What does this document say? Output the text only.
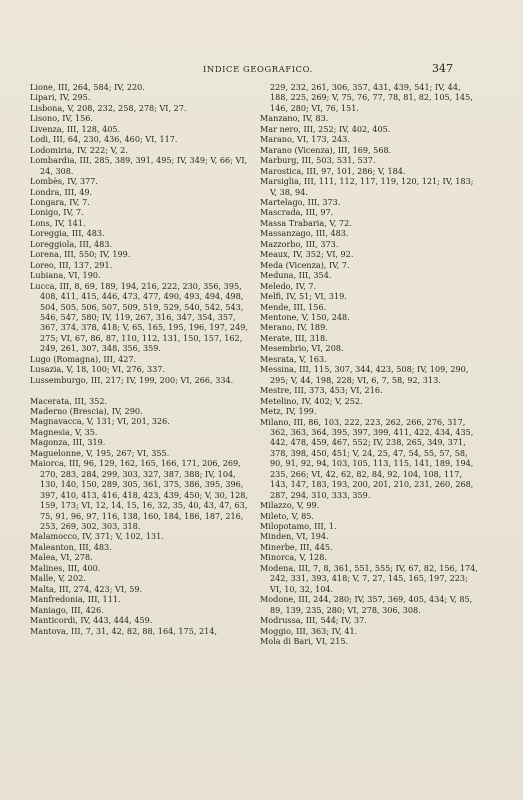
INDICE GEOGRAFICO.	347

Lione, III, 264, 584; IV, 220.

Lipari, IV, 295.

Lisbona, V, 208, 232, 258, 278; VI, 27.

Lisono, IV, 156.

Livenza, III, 128, 405.

Lodi, III, 64, 230, 436, 460; VI, 117.

Lodomiria, IV, 222; V, 2.

Lombardia, III, 285, 389, 391, 495; IV, 349; V, 66; VI, 24, 308.

Lombès, IV, 377.

Londra, III, 49.

Longara, IV, 7.

Lonigo, IV, 7.

Lons, IV, 141.

Loreggia, III, 483.

Loreggiola, III, 483.

Lorena, III, 550; IV, 199.

Loreo, III, 137, 291.

Lubiana, VI, 190.

Lucca, III, 8, 69, 189, 194, 216, 222, 230, 356, 395, 408, 411, 415, 446, 473, 477, 490, 493, 494, 498, 504, 505, 506, 507, 509, 519, 529, 540, 542, 543, 546, 547, 580; IV, 119, 267, 316, 347, 354, 357, 367, 374, 378, 418; V, 65, 165, 195, 196, 197, 249, 275; VI, 67, 86, 87, 110, 112, 131, 150, 157, 162, 249, 261, 307, 348, 356, 359.

Lugo (Romagna), III, 427.

Lusazia, V, 18, 100; VI, 276, 337.

Lussemburgo, III, 217; IV, 199, 200; VI, 266, 334.

Macerata, III, 352.

Maderno (Brescia), IV, 290.

Magnavacca, V, 131; VI, 201, 326.

Magnesia, V, 35.

Magonza, III, 319.

Maguelonne, V, 195, 267; VI, 355.

Maiorca, III, 96, 129, 162, 165, 166, 171, 206, 269, 270, 283, 284, 299, 303, 327, 387, 388; IV, 104, 130, 140, 150, 289, 305, 361, 375, 386, 395, 396, 397, 410, 413, 416, 418, 423, 439, 450; V, 30, 128, 159, 173; VI, 12, 14, 15, 16, 32, 35, 40, 43, 47, 63, 75, 91, 96, 97, 116, 138, 160, 184, 186, 187, 216, 253, 269, 302, 303, 318.

Malamocco, IV, 371; V, 102, 131.

Maleanton, III, 483.

Malea, VI, 278.

Malines, III, 400.

Malle, V, 202.

Malta, III, 274, 423; VI, 59.

Manfredonia, III, 111.

Maniago, III, 426.

Manticordi, IV, 443, 444, 459.

Mantova, III, 7, 31, 42, 82, 88, 164, 175, 214,

229, 232, 261, 306, 357, 431, 439, 541; IV, 44, 188, 225, 269; V, 75, 76, 77, 78, 81, 82, 105, 145, 146, 280; VI, 76, 151.

Manzano, IV, 83.

Mar nero, III, 252; IV, 402, 405.

Marano, VI, 173, 243.

Marano (Vicenza), III, 169, 568.

Marburg, III, 503, 531, 537.

Marostica, III, 97, 101, 286; V, 184.

Marsiglia, III, 111, 112, 117, 119, 120, 121; IV, 183; V, 38, 94.

Martelago, III, 373.

Mascrada, III, 97.

Massa Trabaria, V, 72.

Massanzago, III, 483.

Mazzorbo, III, 373.

Meaux, IV, 352; VI, 92.

Meda (Vicenza), IV, 7.

Meduna, III, 354.

Meledo, IV, 7.

Melfi, IV, 51; VI, 319.

Mende, III, 156.

Mentone, V, 150, 248.

Merano, IV, 189.

Merate, III, 318.

Mesembrio, VI, 208.

Mesrata, V, 163.

Messina, III, 115, 307, 344, 423, 508; IV, 109, 290, 295; V, 44, 198, 228; VI, 6, 7, 58, 92, 313.

Mestre, III, 373, 453; VI, 216.

Metelino, IV, 402; V, 252.

Metz, IV, 199.

Milano, III, 86, 103, 222, 223, 262, 266, 276, 317, 362, 363, 364, 395, 397, 399, 411, 422, 434, 435, 442, 478, 459, 467, 552; IV, 238, 265, 349, 371, 378, 398, 450, 451; V, 24, 25, 47, 54, 55, 57, 58, 90, 91, 92, 94, 103, 105, 113, 115, 141, 189, 194, 235, 266; VI, 42, 62, 82, 84, 92, 104, 108, 117, 143, 147, 183, 193, 200, 201, 210, 231, 260, 268, 287, 294, 310, 333, 359.

Milazzo, V, 99.

Mileto, V, 85.

Milopotamo, III, 1.

Minden, VI, 194.

Minerbe, III, 445.

Minorca, V, 128.

Modena, III, 7, 8, 361, 551, 555; IV, 67, 82, 156, 174, 242, 331, 393, 418; V, 7, 27, 145, 165, 197, 223; VI, 10, 32, 104.

Modone, III, 244, 280; IV, 357, 369, 405, 434; V, 85, 89, 139, 235, 280; VI, 278, 306, 308.

Modrussa, III, 544; IV, 37.

Moggio, III, 363; IV, 41.

Mola di Bari, VI, 215.
